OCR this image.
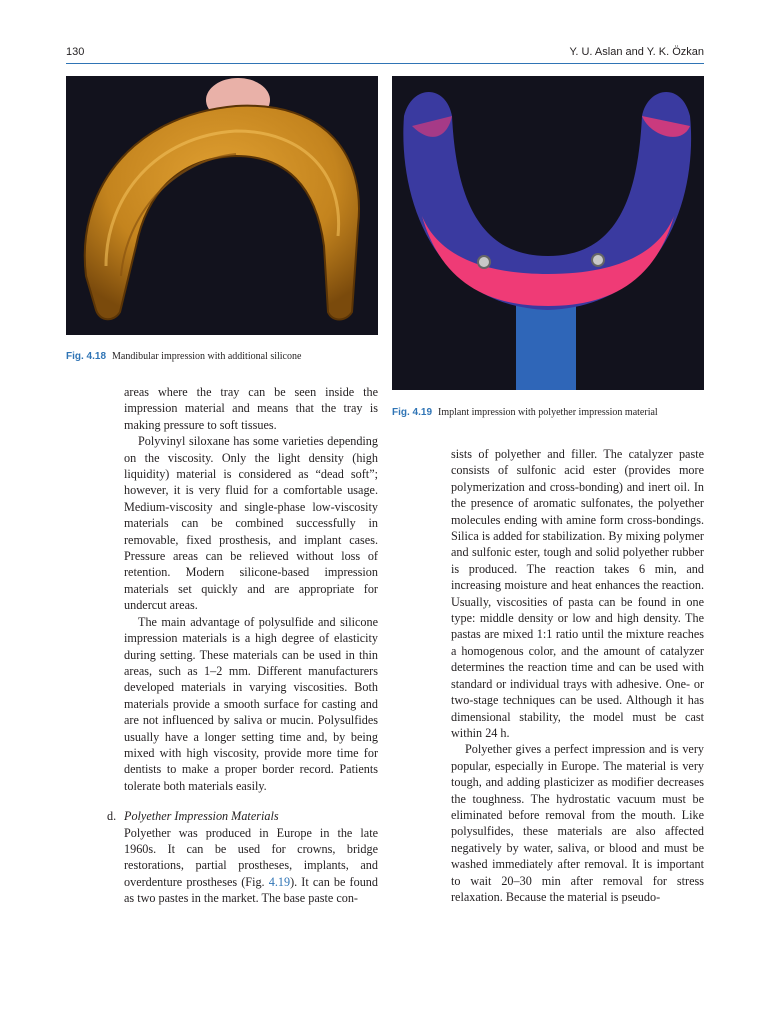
130	Y. U. Aslan and Y. K. Özkan
Fig. 4.18 Mandibular impression with additional silicone
Fig. 4.19 Implant impression with polyether impression material

areas where the tray can be seen inside the impression material and means that the tray is making pressure to soft tissues.

Polyvinyl siloxane has some varieties depending on the viscosity. Only the light density (high liquidity) material is considered as “dead soft”; however, it is very fluid for a comfortable usage. Medium-viscosity and single-phase low-viscosity materials can be combined successfully in removable, fixed prosthesis, and implant cases. Pressure areas can be relieved without loss of retention. Modern silicone-based impression materials set quickly and are appropriate for undercut areas.

The main advantage of polysulfide and silicone impression materials is a high degree of elasticity during setting. These materials can be used in thin areas, such as 1–2 mm. Different manufacturers developed materials in varying viscosities. Both materials provide a smooth surface for casting and are not influenced by saliva or mucin. Polysulfides usually have a longer setting time and, by being mixed with high viscosity, provide more time for dentists to make a proper border record. Patients tolerate both materials easily.

d. Polyether Impression Materials

Polyether was produced in Europe in the late 1960s. It can be used for crowns, bridge restorations, partial prostheses, implants, and overdenture prostheses (Fig. 4.19). It can be found as two pastes in the market. The base paste con-

sists of polyether and filler. The catalyzer paste consists of sulfonic acid ester (provides more polymerization and cross-bonding) and inert oil. In the presence of aromatic sulfonates, the polyether molecules ending with amine form cross-bondings. Silica is added for stabilization. By mixing polymer and sulfonic ester, tough and solid polyether rubber is produced. The reaction takes 6 min, and increasing moisture and heat enhances the reaction. Usually, viscosities of pasta can be found in one type: middle density or low and high density. The pastas are mixed 1:1 ratio until the mixture reaches a homogenous color, and the amount of catalyzer determines the reaction time and can be used with standard or individual trays with adhesive. One- or two-stage techniques can be used. Although it has dimensional stability, the model must be cast within 24 h.

Polyether gives a perfect impression and is very popular, especially in Europe. The material is very tough, and adding plasticizer as modifier decreases the toughness. The hydrostatic vacuum must be eliminated before removal from the mouth. Like polysulfides, these materials are also affected negatively by water, saliva, or blood and must be washed immediately after removal. It is important to wait 20–30 min after removal for stress relaxation. Because the material is pseudo-
